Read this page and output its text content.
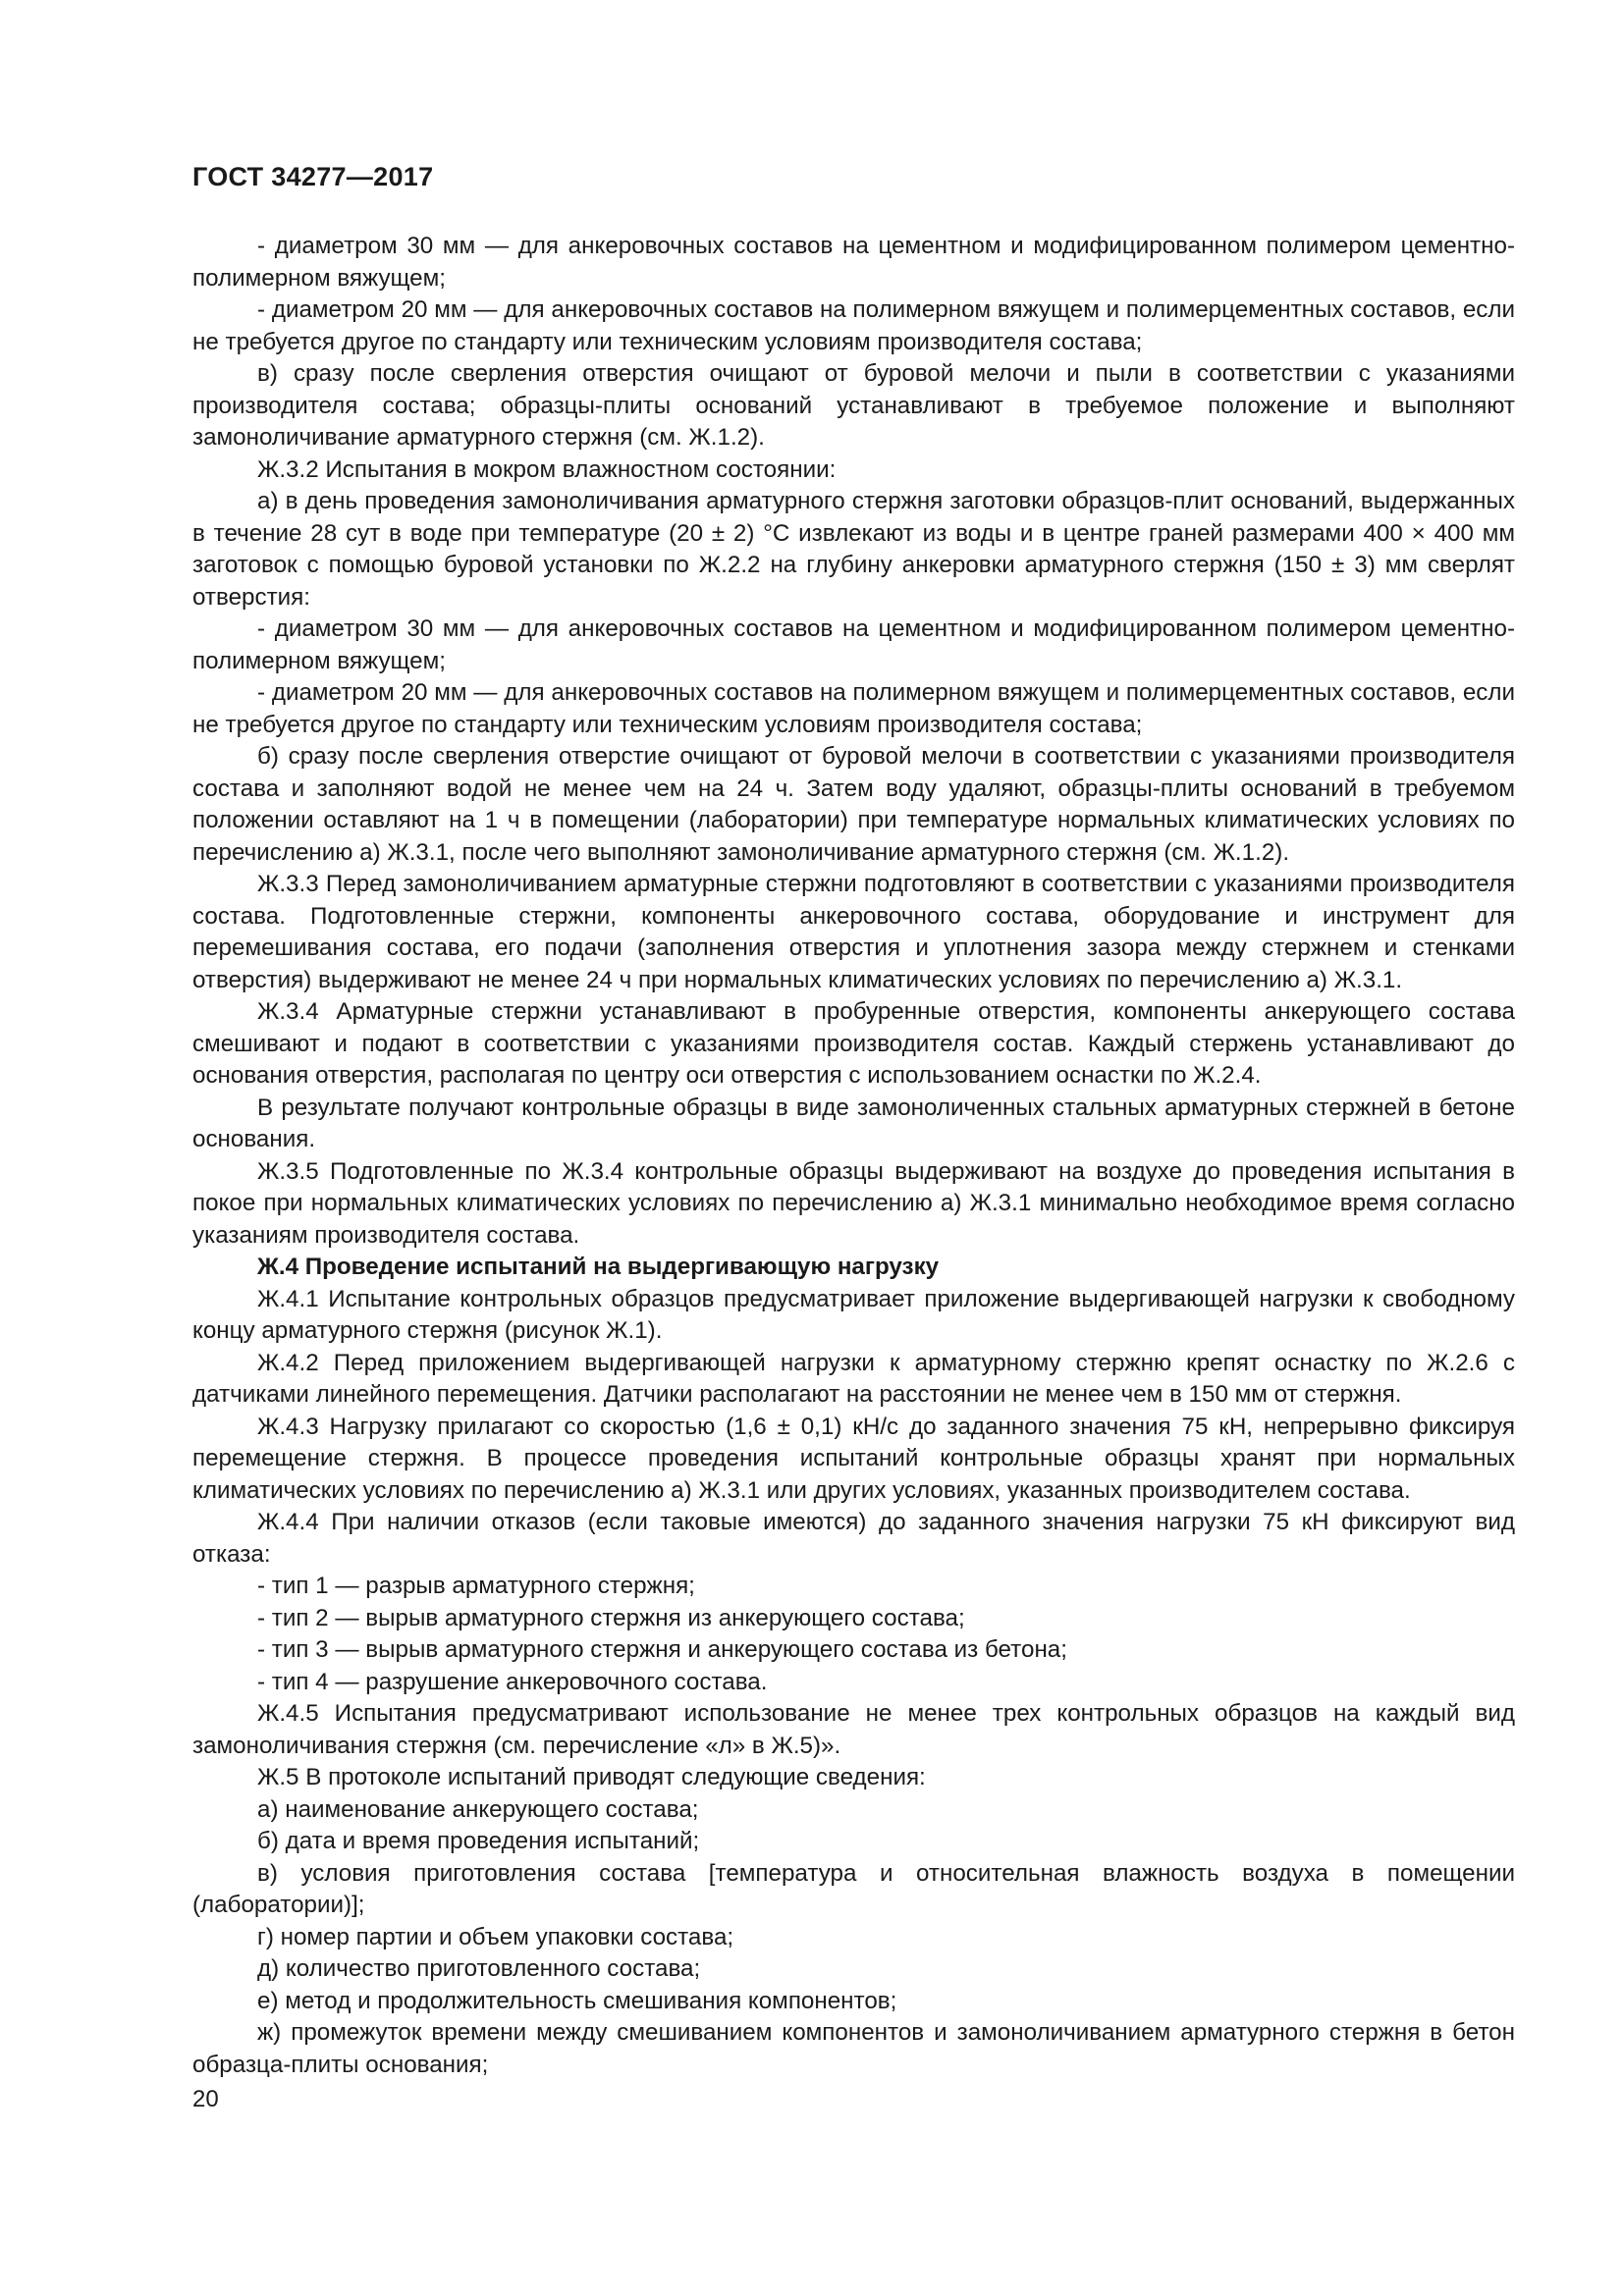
ГОСТ 34277—2017

- диаметром 30 мм — для анкеровочных составов на цементном и модифицированном полимером цементно-полимерном вяжущем;

- диаметром 20 мм — для анкеровочных составов на полимерном вяжущем и полимерцементных составов, если не требуется другое по стандарту или техническим условиям производителя состава;

в) сразу после сверления отверстия очищают от буровой мелочи и пыли в соответствии с указаниями производителя состава; образцы-плиты оснований устанавливают в требуемое положение и выполняют замоноличивание арматурного стержня (см. Ж.1.2).

Ж.3.2 Испытания в мокром влажностном состоянии:

а) в день проведения замоноличивания арматурного стержня заготовки образцов-плит оснований, выдержанных в течение 28 сут в воде при температуре (20 ± 2) °С извлекают из воды и в центре граней размерами 400 × 400 мм заготовок с помощью буровой установки по Ж.2.2 на глубину анкеровки арматурного стержня (150 ± 3) мм сверлят отверстия:

- диаметром 30 мм — для анкеровочных составов на цементном и модифицированном полимером цементно-полимерном вяжущем;

- диаметром 20 мм — для анкеровочных составов на полимерном вяжущем и полимерцементных составов, если не требуется другое по стандарту или техническим условиям производителя состава;

б) сразу после сверления отверстие очищают от буровой мелочи в соответствии с указаниями производителя состава и заполняют водой не менее чем на 24 ч. Затем воду удаляют, образцы-плиты оснований в требуемом положении оставляют на 1 ч в помещении (лаборатории) при температуре нормальных климатических условиях по перечислению а) Ж.3.1, после чего выполняют замоноличивание арматурного стержня (см. Ж.1.2).

Ж.3.3 Перед замоноличиванием арматурные стержни подготовляют в соответствии с указаниями производителя состава. Подготовленные стержни, компоненты анкеровочного состава, оборудование и инструмент для перемешивания состава, его подачи (заполнения отверстия и уплотнения зазора между стержнем и стенками отверстия) выдерживают не менее 24 ч при нормальных климатических условиях по перечислению а) Ж.3.1.

Ж.3.4 Арматурные стержни устанавливают в пробуренные отверстия, компоненты анкерующего состава смешивают и подают в соответствии с указаниями производителя состав. Каждый стержень устанавливают до основания отверстия, располагая по центру оси отверстия с использованием оснастки по Ж.2.4.

В результате получают контрольные образцы в виде замоноличенных стальных арматурных стержней в бетоне основания.

Ж.3.5 Подготовленные по Ж.3.4 контрольные образцы выдерживают на воздухе до проведения испытания в покое при нормальных климатических условиях по перечислению а) Ж.3.1 минимально необходимое время согласно указаниям производителя состава.

Ж.4 Проведение испытаний на выдергивающую нагрузку

Ж.4.1 Испытание контрольных образцов предусматривает приложение выдергивающей нагрузки к свободному концу арматурного стержня (рисунок Ж.1).

Ж.4.2 Перед приложением выдергивающей нагрузки к арматурному стержню крепят оснастку по Ж.2.6 с датчиками линейного перемещения. Датчики располагают на расстоянии не менее чем в 150 мм от стержня.

Ж.4.3 Нагрузку прилагают со скоростью (1,6 ± 0,1) кН/с до заданного значения 75 кН, непрерывно фиксируя перемещение стержня. В процессе проведения испытаний контрольные образцы хранят при нормальных климатических условиях по перечислению а) Ж.3.1 или других условиях, указанных производителем состава.

Ж.4.4 При наличии отказов (если таковые имеются) до заданного значения нагрузки 75 кН фиксируют вид отказа:

- тип 1 — разрыв арматурного стержня;

- тип 2 — вырыв арматурного стержня из анкерующего состава;

- тип 3 — вырыв арматурного стержня и анкерующего состава из бетона;

- тип 4 — разрушение анкеровочного состава.

Ж.4.5 Испытания предусматривают использование не менее трех контрольных образцов на каждый вид замоноличивания стержня (см. перечисление «л» в Ж.5)».

Ж.5 В протоколе испытаний приводят следующие сведения:

а) наименование анкерующего состава;

б) дата и время проведения испытаний;

в) условия приготовления состава [температура и относительная влажность воздуха в помещении (лаборатории)];

г) номер партии и объем упаковки состава;

д) количество приготовленного состава;

е) метод и продолжительность смешивания компонентов;

ж) промежуток времени между смешиванием компонентов и замоноличиванием арматурного стержня в бетон образца-плиты основания;

20
